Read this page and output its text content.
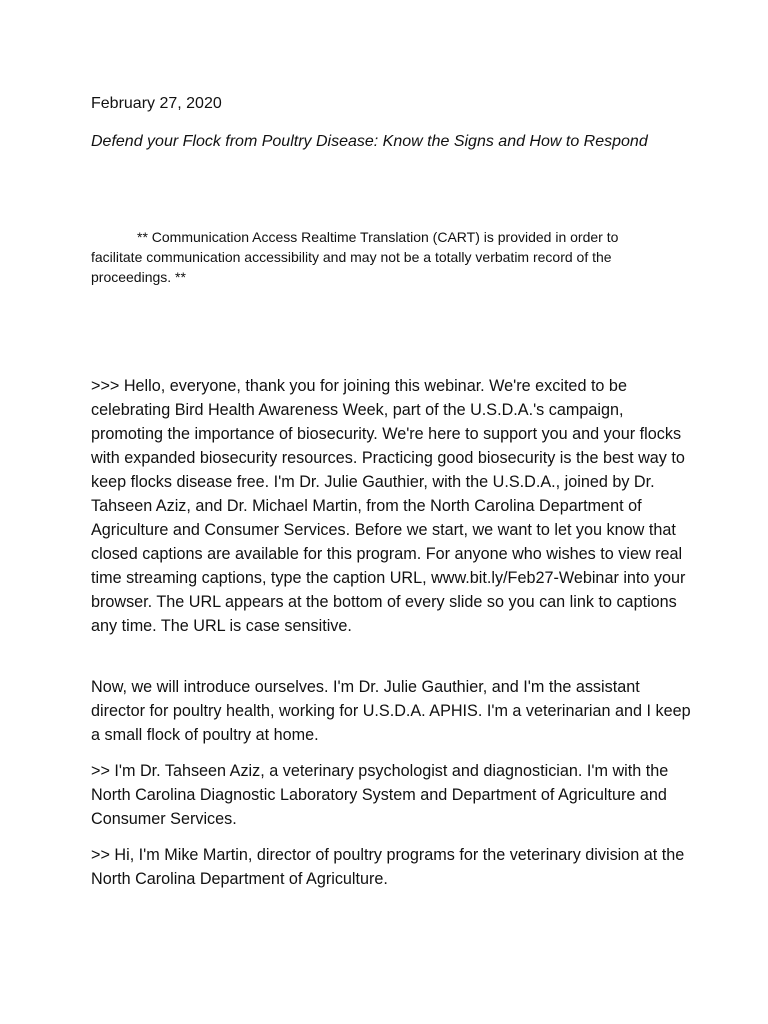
February 27, 2020

Defend your Flock from Poultry Disease: Know the Signs and How to Respond

** Communication Access Realtime Translation (CART) is provided in order to facilitate communication accessibility and may not be a totally verbatim record of the proceedings. **

>>> Hello, everyone, thank you for joining this webinar. We're excited to be celebrating Bird Health Awareness Week, part of the U.S.D.A.'s campaign, promoting the importance of biosecurity. We're here to support you and your flocks with expanded biosecurity resources. Practicing good biosecurity is the best way to keep flocks disease free. I'm Dr. Julie Gauthier, with the U.S.D.A., joined by Dr. Tahseen Aziz, and Dr. Michael Martin, from the North Carolina Department of Agriculture and Consumer Services. Before we start, we want to let you know that closed captions are available for this program. For anyone who wishes to view real time streaming captions, type the caption URL, www.bit.ly/Feb27-Webinar into your browser. The URL appears at the bottom of every slide so you can link to captions any time. The URL is case sensitive.

Now, we will introduce ourselves. I'm Dr. Julie Gauthier, and I'm the assistant director for poultry health, working for U.S.D.A. APHIS. I'm a veterinarian and I keep a small flock of poultry at home.

>> I'm Dr. Tahseen Aziz, a veterinary psychologist and diagnostician. I'm with the North Carolina Diagnostic Laboratory System and Department of Agriculture and Consumer Services.

>> Hi, I'm Mike Martin, director of poultry programs for the veterinary division at the North Carolina Department of Agriculture.
